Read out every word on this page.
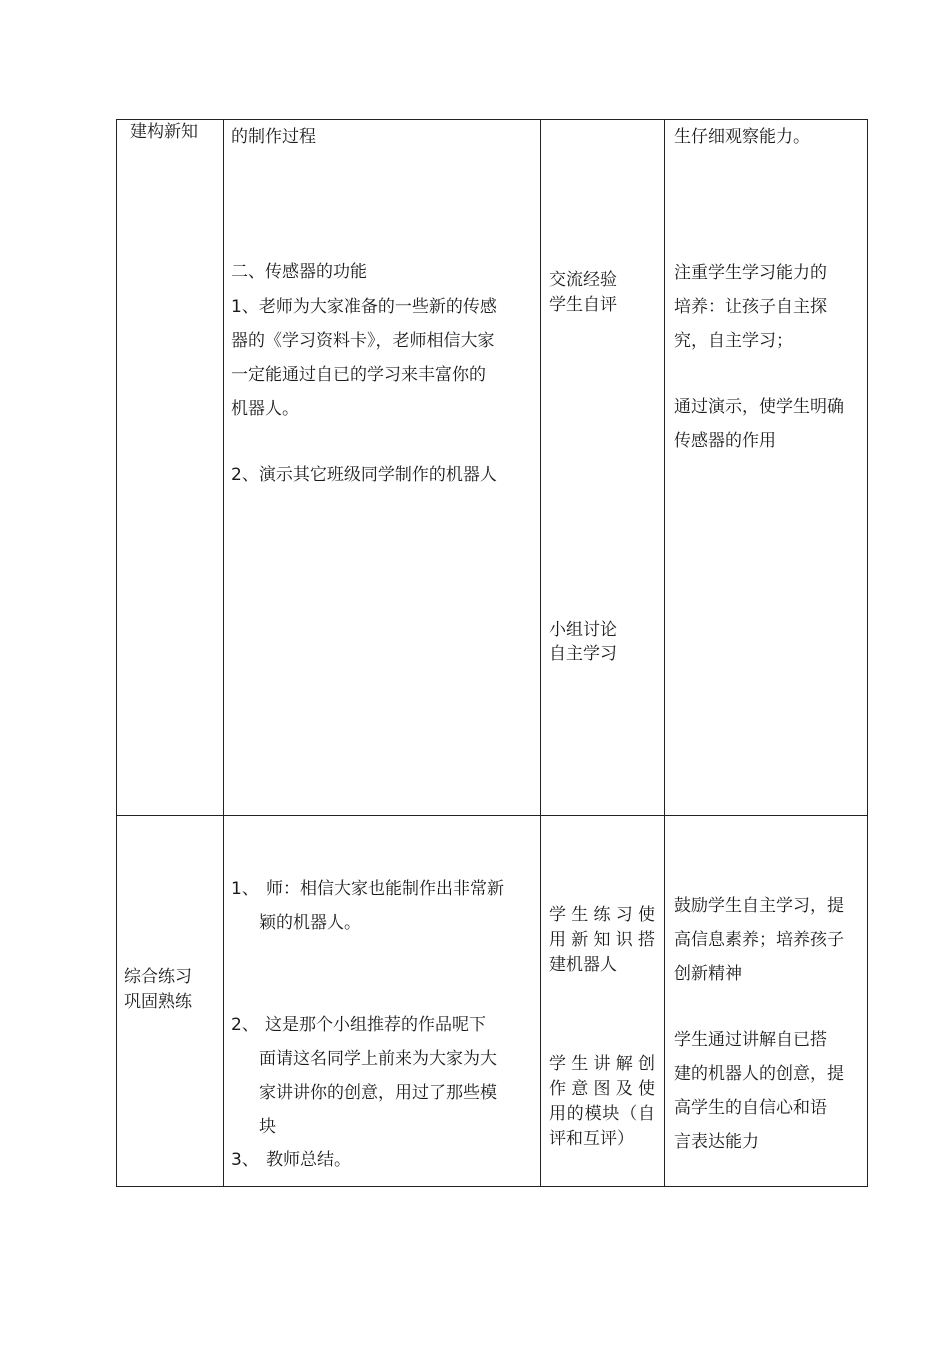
建构新知 的制作过程
二、传感器的功能
1、老师为大家准备的一些新的传感
器的《学习资料卡》，老师相信大家
一定能通过自已的学习来丰富你的
机器人。
2、演示其它班级同学制作的机器人
交流经验
学生自评
小组讨论
自主学习
生仔细观察能力。
注重学生学习能力的
培养：让孩子自主探
究，自主学习；
通过演示，使学生明确
传感器的作用
综合练习
巩固熟练
1、 师：相信大家也能制作出非常新
颖的机器人。
2、 这是那个小组推荐的作品呢下
面请这名同学上前来为大家为大
家讲讲你的创意，用过了那些模
块
3、 教师总结。
学生练习使
用新知识搭
建机器人
学生讲解创
作意图及使
用的模块（自
评和互评）
鼓励学生自主学习，提
高信息素养；培养孩子
创新精神
学生通过讲解自已搭
建的机器人的创意，提
高学生的自信心和语
言表达能力
